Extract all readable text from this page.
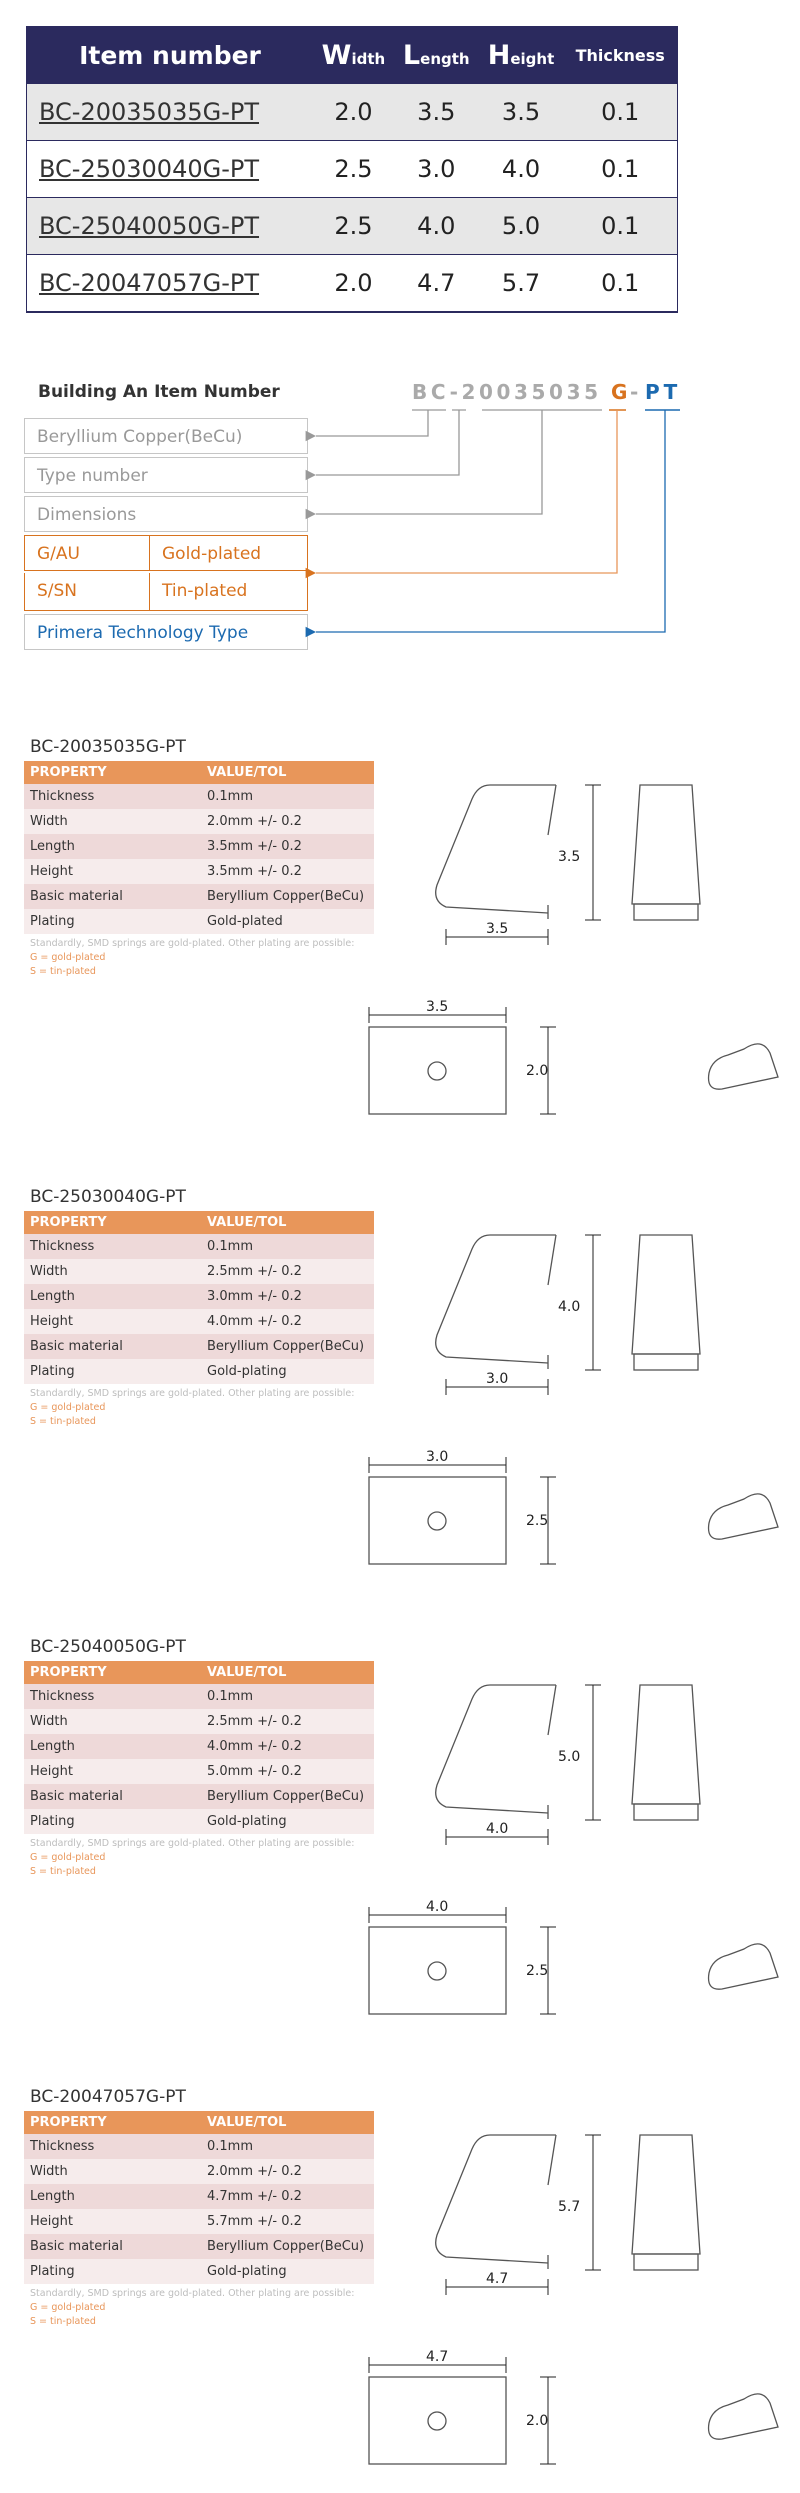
Item number	Width	Length	Height	Thickness
BC-20035035G-PT	2.0	3.5	3.5	0.1
BC-25030040G-PT	2.5	3.0	4.0	0.1
BC-25040050G-PT	2.5	4.0	5.0	0.1
BC-20047057G-PT	2.0	4.7	5.7	0.1
Building An Item Number	BC-20035035 G - PT
Beryllium Copper(BeCu)
Type number
Dimensions
G/AU	Gold-plated
S/SN	Tin-plated
Primera Technology Type
BC-20035035G-PT
PROPERTY	VALUE/TOL
Thickness	0.1mm
Width	2.0mm +/- 0.2
Length	3.5mm +/- 0.2
Height	3.5mm +/- 0.2
Basic material	Beryllium Copper(BeCu)
Plating	Gold-plated
Standardly, SMD springs are gold-plated. Other plating are possible:
G = gold-plated
S = tin-plated
3.5
3.5
3.5
2.0
BC-25030040G-PT
PROPERTY	VALUE/TOL
Thickness	0.1mm
Width	2.5mm +/- 0.2
Length	3.0mm +/- 0.2
Height	4.0mm +/- 0.2
Basic material	Beryllium Copper(BeCu)
Plating	Gold-plating
Standardly, SMD springs are gold-plated. Other plating are possible:
G = gold-plated
S = tin-plated
4.0
3.0
3.0
2.5
BC-25040050G-PT
PROPERTY	VALUE/TOL
Thickness	0.1mm
Width	2.5mm +/- 0.2
Length	4.0mm +/- 0.2
Height	5.0mm +/- 0.2
Basic material	Beryllium Copper(BeCu)
Plating	Gold-plating
Standardly, SMD springs are gold-plated. Other plating are possible:
G = gold-plated
S = tin-plated
5.0
4.0
4.0
2.5
BC-20047057G-PT
PROPERTY	VALUE/TOL
Thickness	0.1mm
Width	2.0mm +/- 0.2
Length	4.7mm +/- 0.2
Height	5.7mm +/- 0.2
Basic material	Beryllium Copper(BeCu)
Plating	Gold-plating
Standardly, SMD springs are gold-plated. Other plating are possible:
G = gold-plated
S = tin-plated
5.7
4.7
4.7
2.0
